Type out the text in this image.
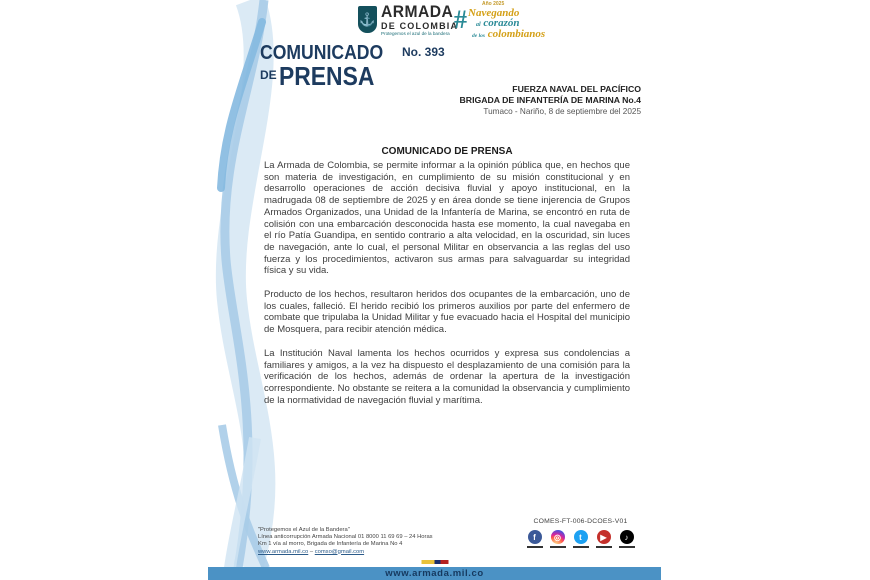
⚓ ARMADA
DE COLOMBIA
Protegemos el azul de la bandera
Año 2025
# Navegando
al corazón
de los colombianos
COMUNICADO No. 393
$^{DE}$PRENSA	FUERZA NAVAL DEL PACÍFICO
BRIGADA DE INFANTERÍA DE MARINA No.4
Tumaco - Nariño, 8 de septiembre del 2025
COMUNICADO DE PRENSA

La Armada de Colombia, se permite informar a la opinión pública que, en hechos que son materia de investigación, en cumplimiento de su misión constitucional y en desarrollo operaciones de acción decisiva fluvial y apoyo institucional, en la madrugada 08 de septiembre de 2025 y en área donde se tiene injerencia de Grupos Armados Organizados, una Unidad de la Infantería de Marina, se encontró en ruta de colisión con una embarcación desconocida hasta ese momento, la cual navegaba en el río Patía Guandipa, en sentido contrario a alta velocidad, en la oscuridad, sin luces de navegación, ante lo cual, el personal Militar en observancia a las reglas del uso fuerza y los procedimientos, activaron sus armas para salvaguardar su integridad física y su vida.

Producto de los hechos, resultaron heridos dos ocupantes de la embarcación, uno de los cuales, falleció. El herido recibió los primeros auxilios por parte del enfermero de combate que tripulaba la Unidad Militar y fue evacuado hacia el Hospital del municipio de Mosquera, para recibir atención médica.

La Institución Naval lamenta los hechos ocurridos y expresa sus condolencias a familiares y amigos, a la vez ha dispuesto el desplazamiento de una comisión para la verificación de los hechos, además de ordenar la apertura de la investigación correspondiente. No obstante se reitera a la comunidad la observancia y cumplimiento de la normatividad de navegación fluvial y marítima.

"Protegemos el Azul de la Bandera"
Línea anticorrupción Armada Nacional 01 8000 11 69 69 – 24 Horas
Km 1 vía al morro, Brigada de Infantería de Marina No 4
www.armada.mil.co – comso@gmail.com
COMES-FT-006-DCOES-V01
f	◎	t	▶	♪
www.armada.mil.co
